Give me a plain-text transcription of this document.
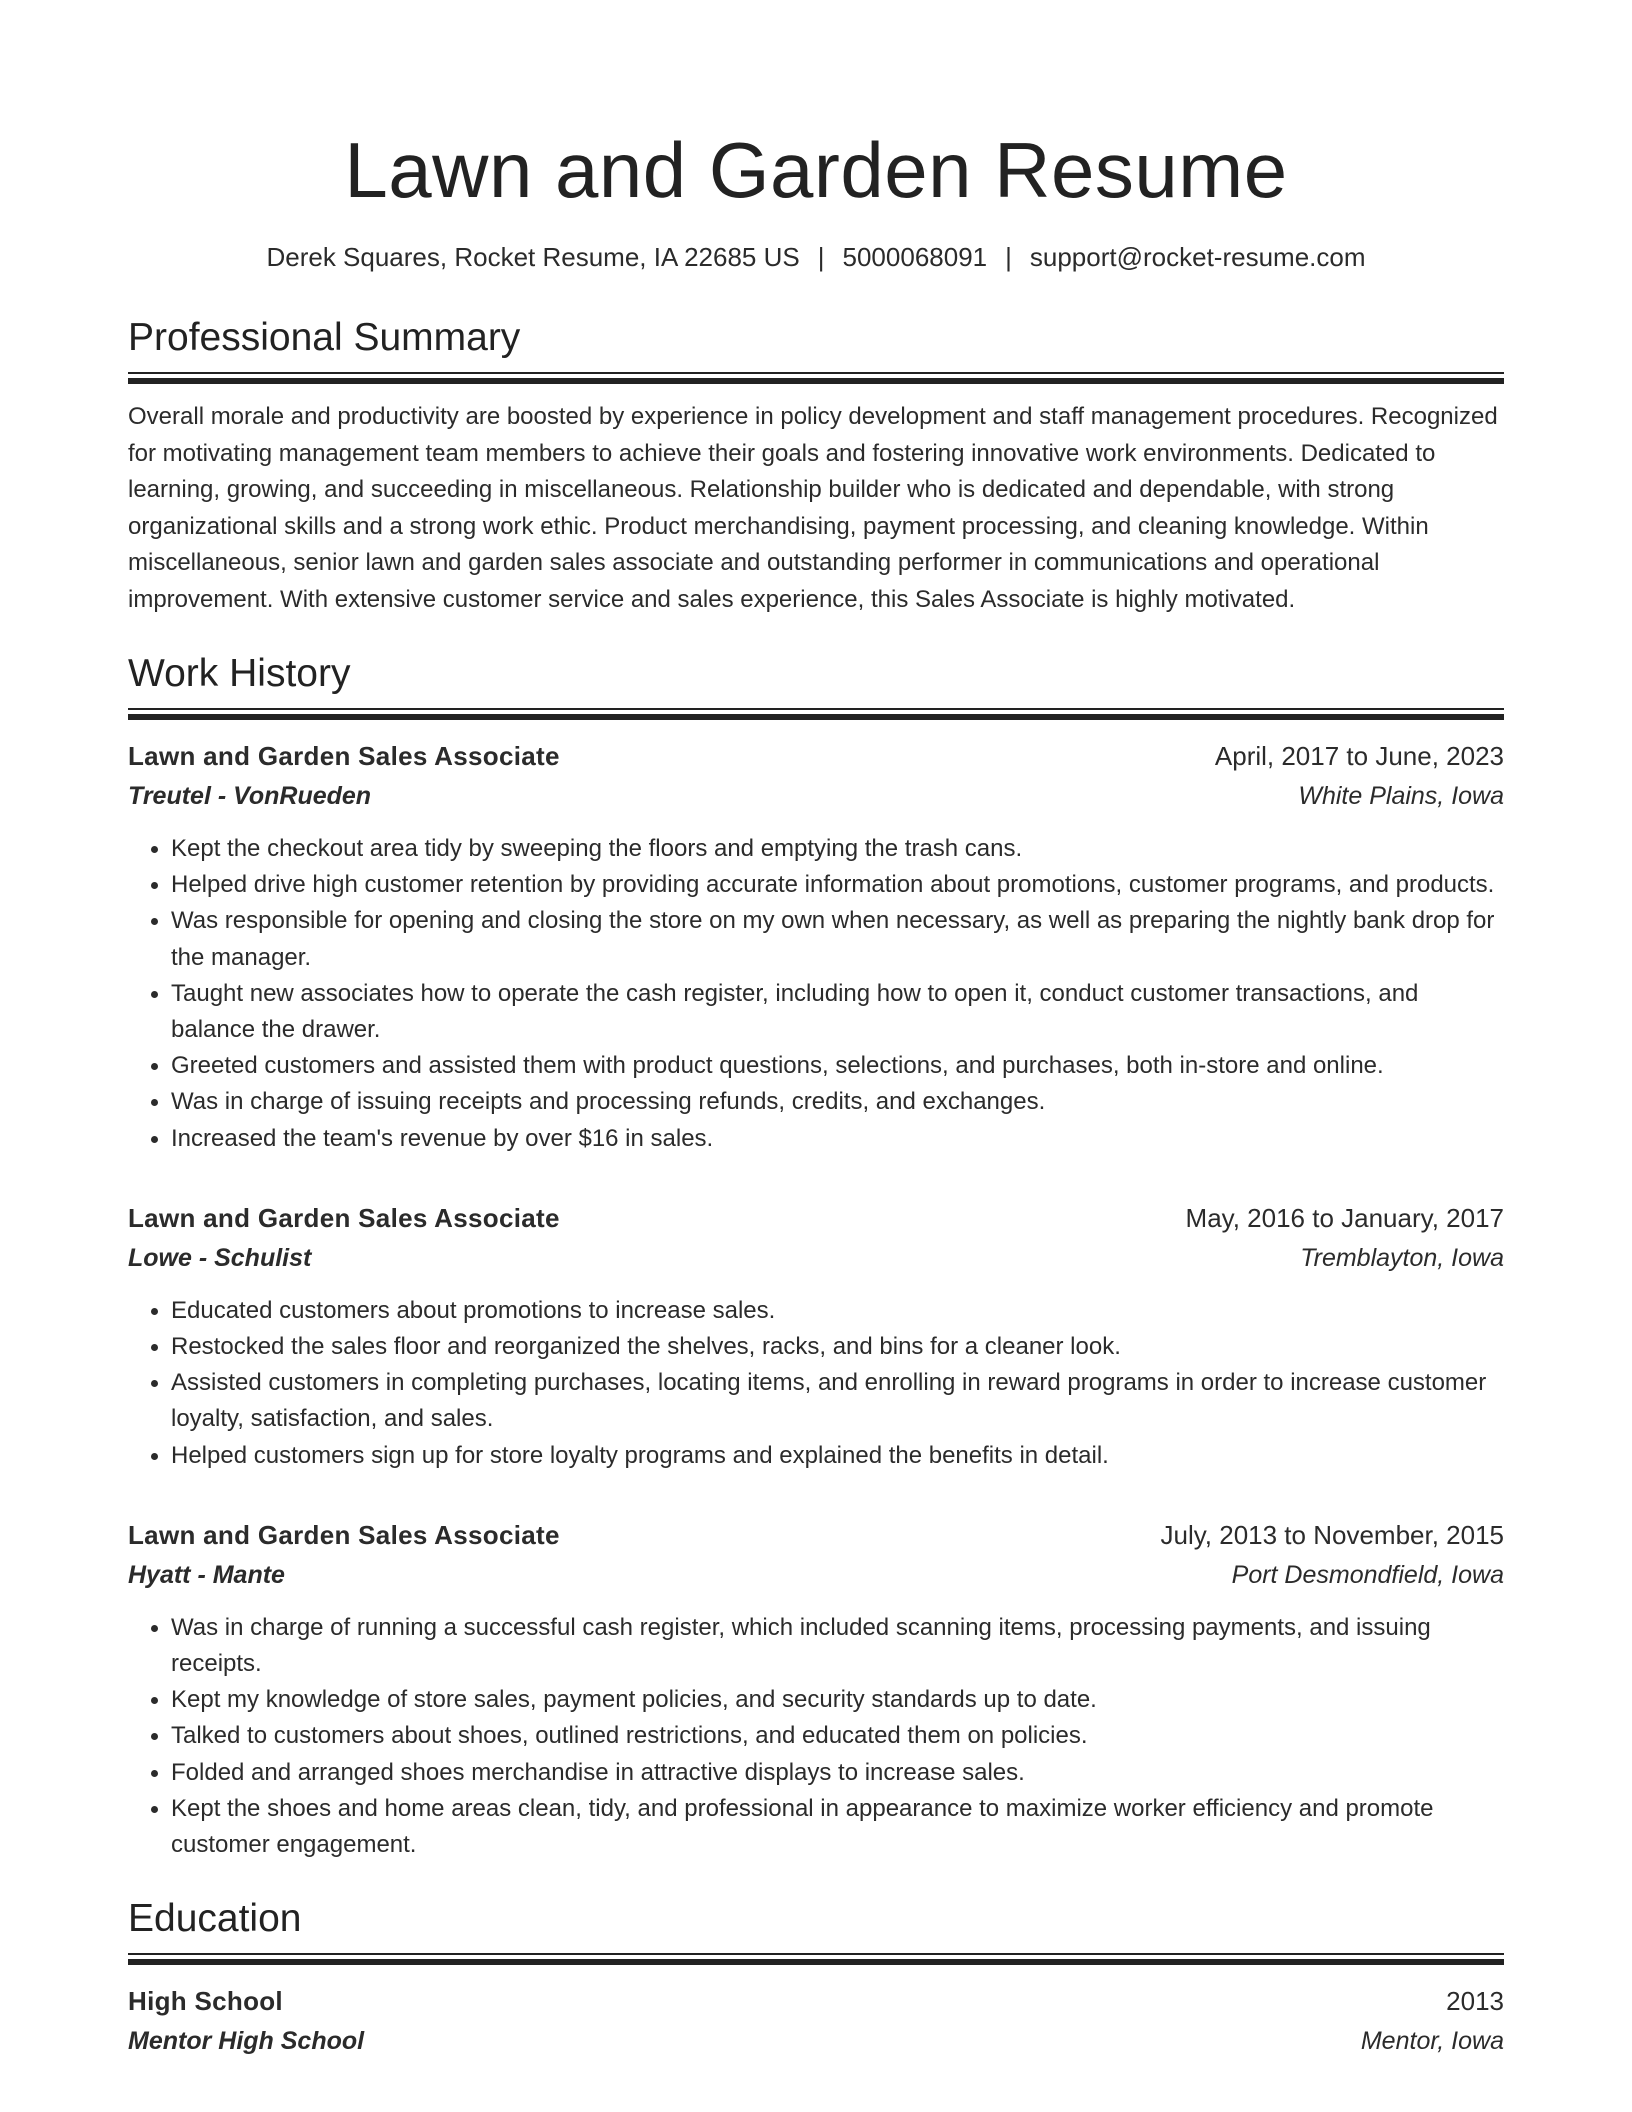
Lawn and Garden Resume
Derek Squares, Rocket Resume, IA 22685 US | 5000068091 | support@rocket-resume.com
Professional Summary

Overall morale and productivity are boosted by experience in policy development and staff management procedures. Recognized for motivating management team members to achieve their goals and fostering innovative work environments. Dedicated to learning, growing, and succeeding in miscellaneous. Relationship builder who is dedicated and dependable, with strong organizational skills and a strong work ethic. Product merchandising, payment processing, and cleaning knowledge. Within miscellaneous, senior lawn and garden sales associate and outstanding performer in communications and operational improvement. With extensive customer service and sales experience, this Sales Associate is highly motivated.

Work History
Lawn and Garden Sales Associate	April, 2017 to June, 2023
Treutel - VonRueden	White Plains, Iowa
• Kept the checkout area tidy by sweeping the floors and emptying the trash cans.
• Helped drive high customer retention by providing accurate information about promotions, customer programs, and products.
• Was responsible for opening and closing the store on my own when necessary, as well as preparing the nightly bank drop for the manager.
• Taught new associates how to operate the cash register, including how to open it, conduct customer transactions, and balance the drawer.
• Greeted customers and assisted them with product questions, selections, and purchases, both in-store and online.
• Was in charge of issuing receipts and processing refunds, credits, and exchanges.
• Increased the team's revenue by over $16 in sales.
Lawn and Garden Sales Associate	May, 2016 to January, 2017
Lowe - Schulist	Tremblayton, Iowa
• Educated customers about promotions to increase sales.
• Restocked the sales floor and reorganized the shelves, racks, and bins for a cleaner look.
• Assisted customers in completing purchases, locating items, and enrolling in reward programs in order to increase customer loyalty, satisfaction, and sales.
• Helped customers sign up for store loyalty programs and explained the benefits in detail.
Lawn and Garden Sales Associate	July, 2013 to November, 2015
Hyatt - Mante	Port Desmondfield, Iowa
• Was in charge of running a successful cash register, which included scanning items, processing payments, and issuing receipts.
• Kept my knowledge of store sales, payment policies, and security standards up to date.
• Talked to customers about shoes, outlined restrictions, and educated them on policies.
• Folded and arranged shoes merchandise in attractive displays to increase sales.
• Kept the shoes and home areas clean, tidy, and professional in appearance to maximize worker efficiency and promote customer engagement.
Education
High School	2013
Mentor High School	Mentor, Iowa
